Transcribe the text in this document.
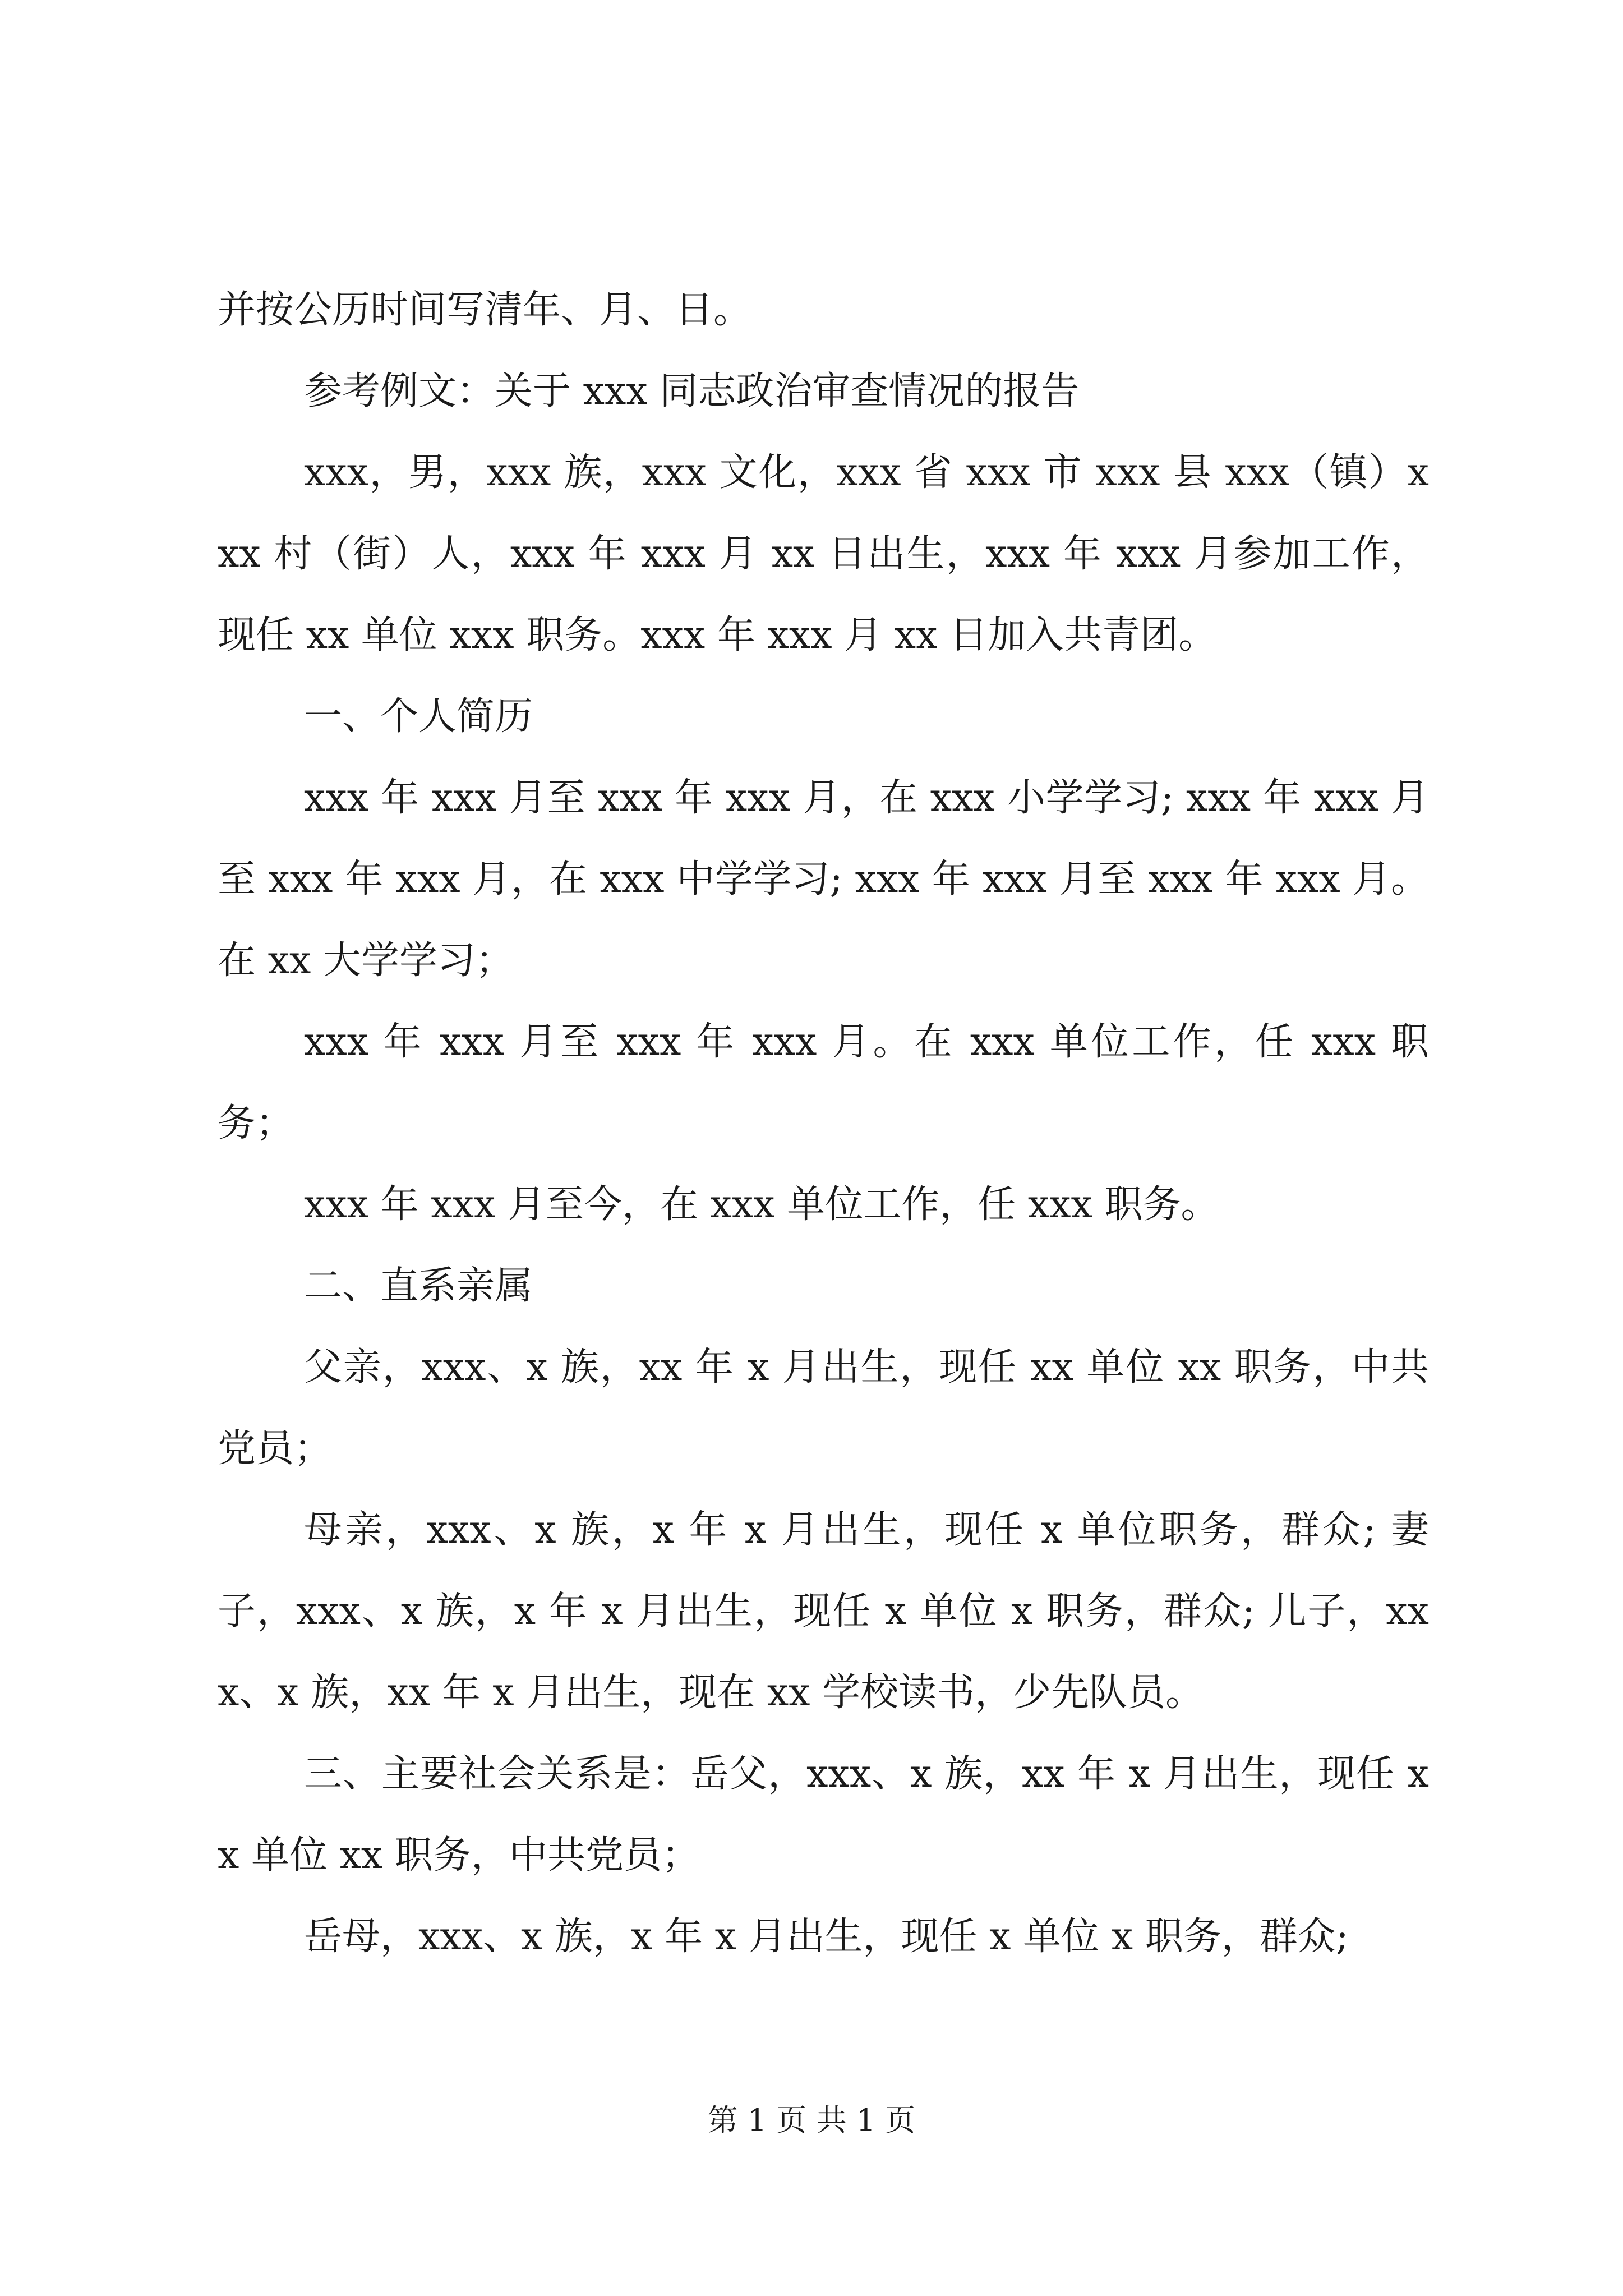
并按公历时间写清年、月、日。

参考例文：关于 xxx 同志政治审查情况的报告

xxx，男，xxx 族，xxx 文化，xxx 省 xxx 市 xxx 县 xxx（镇）xxx 村（街）人，xxx 年 xxx 月 xx 日出生，xxx 年 xxx 月参加工作，现任 xx 单位 xxx 职务。xxx 年 xxx 月 xx 日加入共青团。

一、个人简历

xxx 年 xxx 月至 xxx 年 xxx 月，在 xxx 小学学习; xxx 年 xxx 月至 xxx 年 xxx 月，在 xxx 中学学习; xxx 年 xxx 月至 xxx 年 xxx 月。在 xx 大学学习；

xxx 年 xxx 月至 xxx 年 xxx 月。在 xxx 单位工作，任 xxx 职务；

xxx 年 xxx 月至今，在 xxx 单位工作，任 xxx 职务。

二、直系亲属

父亲，xxx、x 族，xx 年 x 月出生，现任 xx 单位 xx 职务，中共党员；

母亲，xxx、x 族，x 年 x 月出生，现任 x 单位职务，群众; 妻子，xxx、x 族，x 年 x 月出生，现任 x 单位 x 职务，群众; 儿子，xxx、x 族，xx 年 x 月出生，现在 xx 学校读书，少先队员。

三、主要社会关系是：岳父，xxx、x 族，xx 年 x 月出生，现任 xx 单位 xx 职务，中共党员；

岳母，xxx、x 族，x 年 x 月出生，现任 x 单位 x 职务，群众;

第 1 页 共 1 页
